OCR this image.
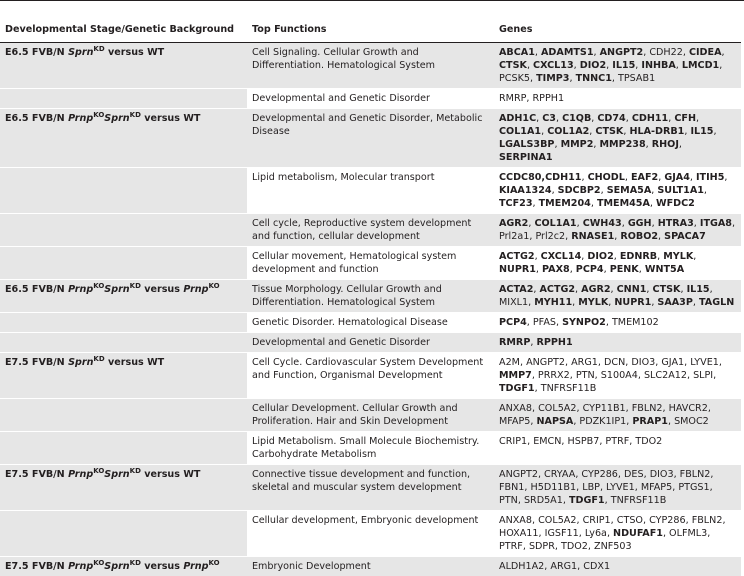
Developmental Stage/Genetic Background	Top Functions	Genes
E6.5 FVB/N Sprn$^{KD}$ versus WT	Cell Signaling. Cellular Growth and Differentiation. Hematological System	ABCA1, ADAMTS1, ANGPT2, CDH22, CIDEA, CTSK, CXCL13, DIO2, IL15, INHBA, LMCD1, PCSK5, TIMP3, TNNC1, TPSAB1
	Developmental and Genetic Disorder	RMRP, RPPH1
E6.5 FVB/N Prnp$^{KO}$Sprn$^{KD}$ versus WT	Developmental and Genetic Disorder, Metabolic Disease	ADH1C, C3, C1QB, CD74, CDH11, CFH, COL1A1, COL1A2, CTSK, HLA-DRB1, IL15, LGALS3BP, MMP2, MMP238, RHOJ, SERPINA1
	Lipid metabolism, Molecular transport	CCDC80,CDH11, CHODL, EAF2, GJA4, ITIH5, KIAA1324, SDCBP2, SEMA5A, SULT1A1, TCF23, TMEM204, TMEM45A, WFDC2
	Cell cycle, Reproductive system development and function, cellular development	AGR2, COL1A1, CWH43, GGH, HTRA3, ITGA8, Prl2a1, Prl2c2, RNASE1, ROBO2, SPACA7
	Cellular movement, Hematological system development and function	ACTG2, CXCL14, DIO2, EDNRB, MYLK, NUPR1, PAX8, PCP4, PENK, WNT5A
E6.5 FVB/N Prnp$^{KO}$Sprn$^{KD}$ versus Prnp$^{KO}$	Tissue Morphology. Cellular Growth and Differentiation. Hematological System	ACTA2, ACTG2, AGR2, CNN1, CTSK, IL15, MIXL1, MYH11, MYLK, NUPR1, SAA3P, TAGLN
	Genetic Disorder. Hematological Disease	PCP4, PFAS, SYNPO2, TMEM102
	Developmental and Genetic Disorder	RMRP, RPPH1
E7.5 FVB/N Sprn$^{KD}$ versus WT	Cell Cycle. Cardiovascular System Development and Function, Organismal Development	A2M, ANGPT2, ARG1, DCN, DIO3, GJA1, LYVE1, MMP7, PRRX2, PTN, S100A4, SLC2A12, SLPI, TDGF1, TNFRSF11B
	Cellular Development. Cellular Growth and Proliferation. Hair and Skin Development	ANXA8, COL5A2, CYP11B1, FBLN2, HAVCR2, MFAP5, NAPSA, PDZK1IP1, PRAP1, SMOC2
	Lipid Metabolism. Small Molecule Biochemistry. Carbohydrate Metabolism	CRIP1, EMCN, HSPB7, PTRF, TDO2
E7.5 FVB/N Prnp$^{KO}$Sprn$^{KD}$ versus WT	Connective tissue development and function, skeletal and muscular system development	ANGPT2, CRYAA, CYP286, DES, DIO3, FBLN2, FBN1, H5D11B1, LBP, LYVE1, MFAP5, PTGS1, PTN, SRD5A1, TDGF1, TNFRSF11B
	Cellular development, Embryonic development	ANXA8, COL5A2, CRIP1, CTSO, CYP286, FBLN2, HOXA11, IGSF11, Ly6a, NDUFAF1, OLFML3, PTRF, SDPR, TDO2, ZNF503
E7.5 FVB/N Prnp$^{KO}$Sprn$^{KD}$ versus Prnp$^{KO}$	Embryonic Development	ALDH1A2, ARG1, CDX1
